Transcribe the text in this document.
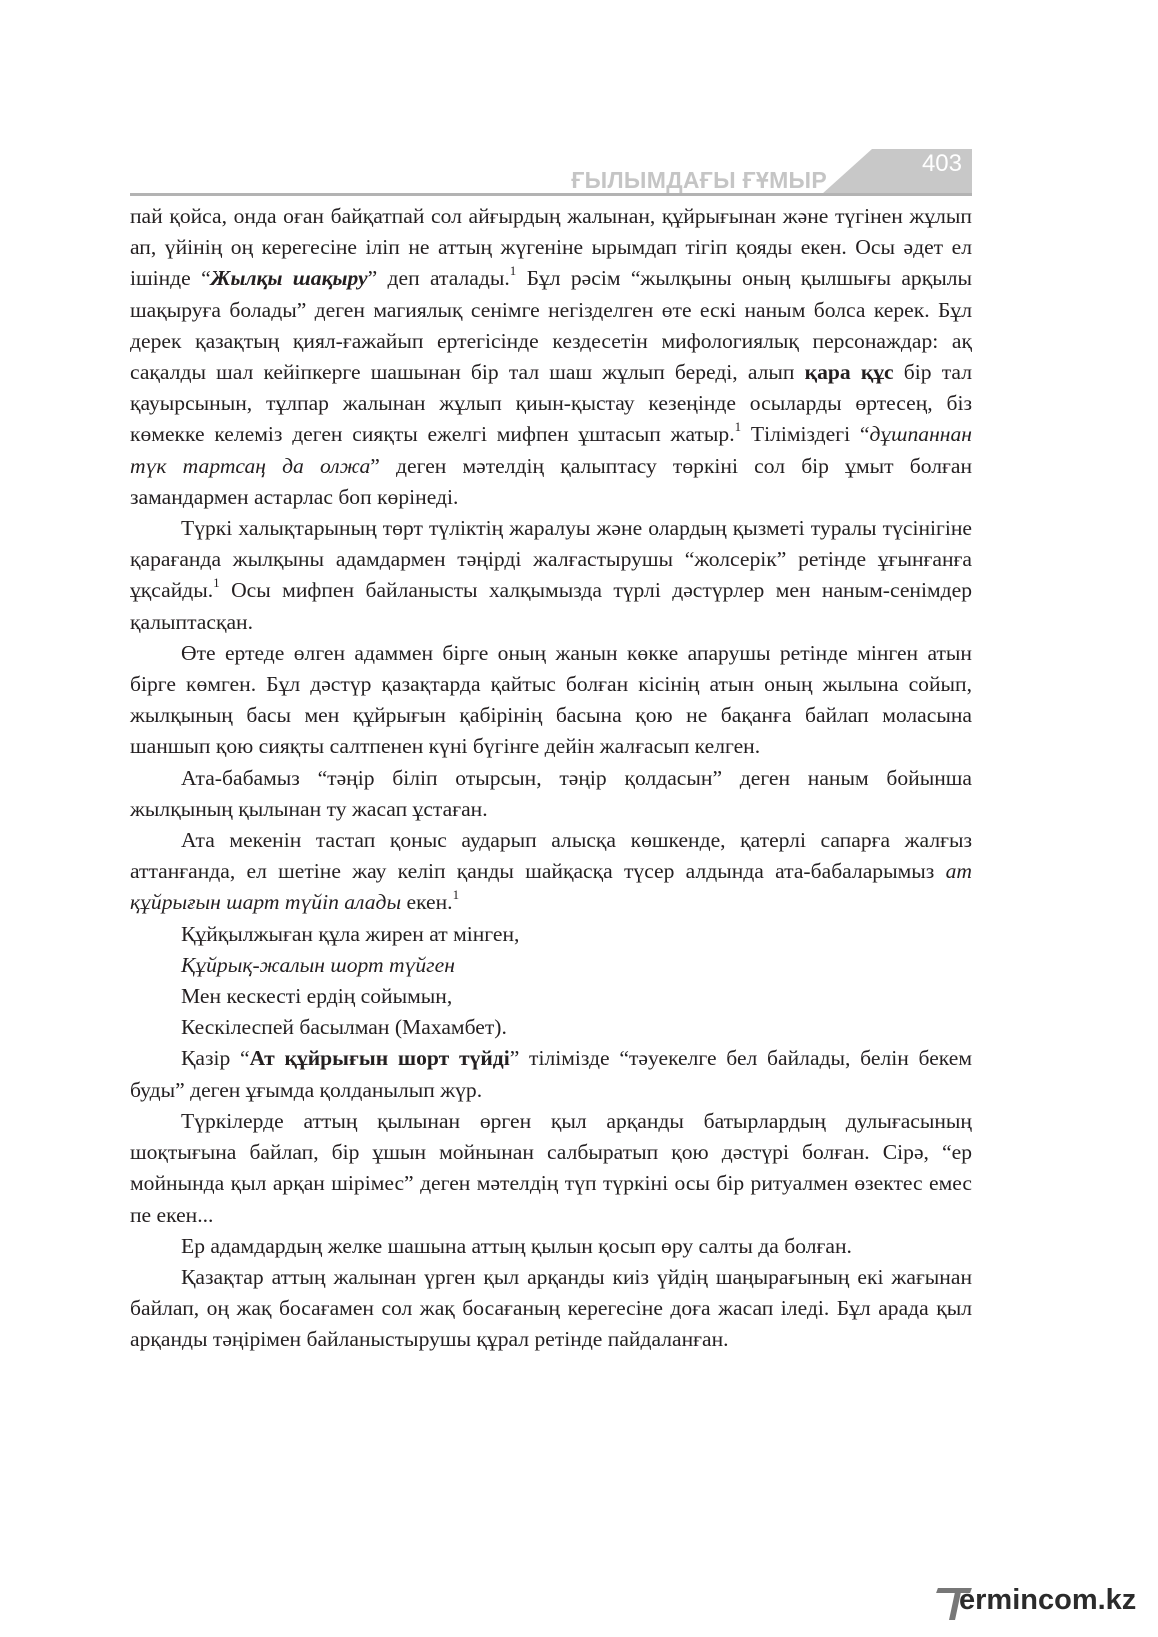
ҒЫЛЫМДАҒЫ ҒҰМЫР
403

пай қойса, онда оған байқатпай сол айғырдың жалынан, құйрығынан және түгінен жұлып ап, үйінің оң керегесіне іліп не аттың жүгеніне ырымдап тігіп қояды екен. Осы әдет ел ішінде “Жылқы шақыру” деп аталады.$^1$ Бұл рәсім “жылқыны оның қылшығы арқылы шақыруға болады” деген магиялық сенімге негізделген өте ескі наным болса керек. Бұл дерек қазақтың қиял-ғажайып ертегісінде кездесетін мифологиялық персонаждар: ақ сақалды шал кейіпкерге шашынан бір тал шаш жұлып береді, алып қара құс бір тал қауырсынын, тұлпар жалынан жұлып қиын-қыстау кезеңінде осыларды өртесең, біз көмекке келеміз деген сияқты ежелгі мифпен ұштасып жатыр.$^1$ Тіліміздегі “дұшпаннан түк тартсаң да олжа” деген мәтелдің қалыптасу төркіні сол бір ұмыт болған замандармен астарлас боп көрінеді.

Түркі халықтарының төрт түліктің жаралуы және олардың қызметі туралы түсінігіне қарағанда жылқыны адамдармен тәңірді жалғастырушы “жолсерік” ретінде ұғынғанға ұқсайды.$^1$ Осы мифпен байланысты халқымызда түрлі дәстүрлер мен наным-сенімдер қалыптасқан.

Өте ертеде өлген адаммен бірге оның жанын көкке апарушы ретінде мінген атын бірге көмген. Бұл дәстүр қазақтарда қайтыс болған кісінің атын оның жылына сойып, жылқының басы мен құйрығын қабірінің басына қою не бақанға байлап моласына шаншып қою сияқты салтпенен күні бүгінге дейін жалғасып келген.

Ата-бабамыз “тәңір біліп отырсын, тәңір қолдасын” деген наным бойынша жылқының қылынан ту жасап ұстаған.

Ата мекенін тастап қоныс аударып алысқа көшкенде, қатерлі сапарға жалғыз аттанғанда, ел шетіне жау келіп қанды шайқасқа түсер алдында ата-бабаларымыз ат құйрығын шарт түйіп алады екен.$^1$

Құйқылжыған құла жирен ат мінген,

Құйрық-жалын шорт түйген

Мен кескесті ердің сойымын,

Кескілеспей басылман (Махамбет).

Қазір “Ат құйрығын шорт түйді” тілімізде “тәуекелге бел байлады, белін бекем буды” деген ұғымда қолданылып жүр.

Түркілерде аттың қылынан өрген қыл арқанды батырлардың дулығасының шоқтығына байлап, бір ұшын мойнынан салбыратып қою дәстүрі болған. Сірә, “ер мойнында қыл арқан шірімес” деген мәтелдің түп түркіні осы бір ритуалмен өзектес емес пе екен...

Ер адамдардың желке шашына аттың қылын қосып өру салты да болған.

Қазақтар аттың жалынан үрген қыл арқанды киіз үйдің шаңырағының екі жағынан байлап, оң жақ босағамен сол жақ босағаның керегесіне доға жасап іледі. Бұл арада қыл арқанды тәңірімен байланыстырушы құрал ретінде пайдаланған.

ermincom.kz
